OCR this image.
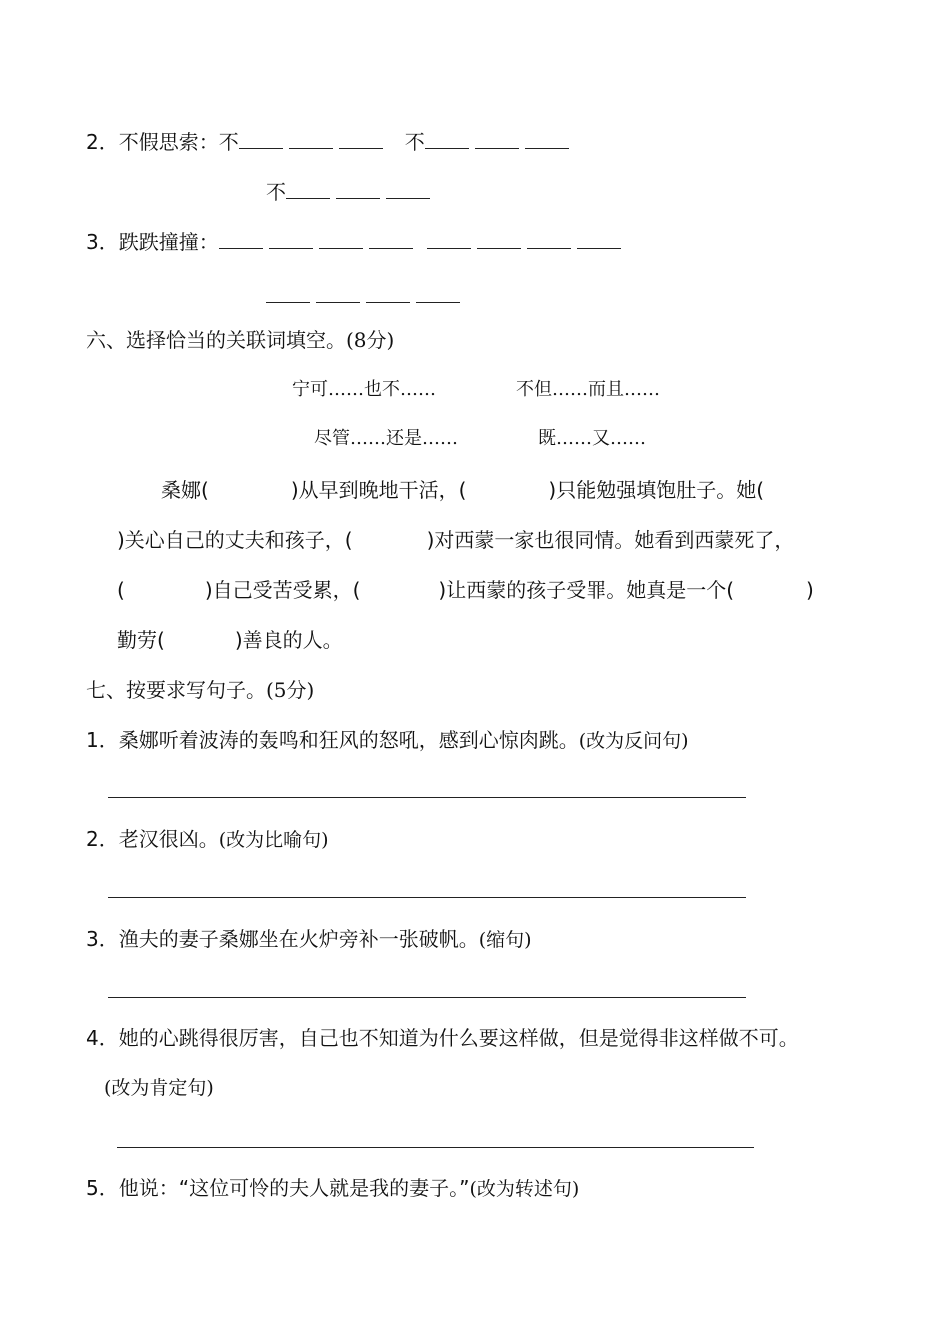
2．不假思索：不	不
不
3．跌跌撞撞：
六、选择恰当的关联词填空。(8分)
宁可……也不……	不但……而且……
尽管……还是……	既……又……
桑娜(	)从早到晚地干活，(	)只能勉强填饱肚子。她(
)关心自己的丈夫和孩子，(	)对西蒙一家也很同情。她看到西蒙死了，
(	)自己受苦受累，(	)让西蒙的孩子受罪。她真是一个(	)
勤劳(	)善良的人。
七、按要求写句子。(5分)
1．桑娜听着波涛的轰鸣和狂风的怒吼，感到心惊肉跳。(改为反问句)
2．老汉很凶。(改为比喻句)
3．渔夫的妻子桑娜坐在火炉旁补一张破帆。(缩句)
4．她的心跳得很厉害，自己也不知道为什么要这样做，但是觉得非这样做不可。
(改为肯定句)
5．他说：“这位可怜的夫人就是我的妻子。”(改为转述句)
